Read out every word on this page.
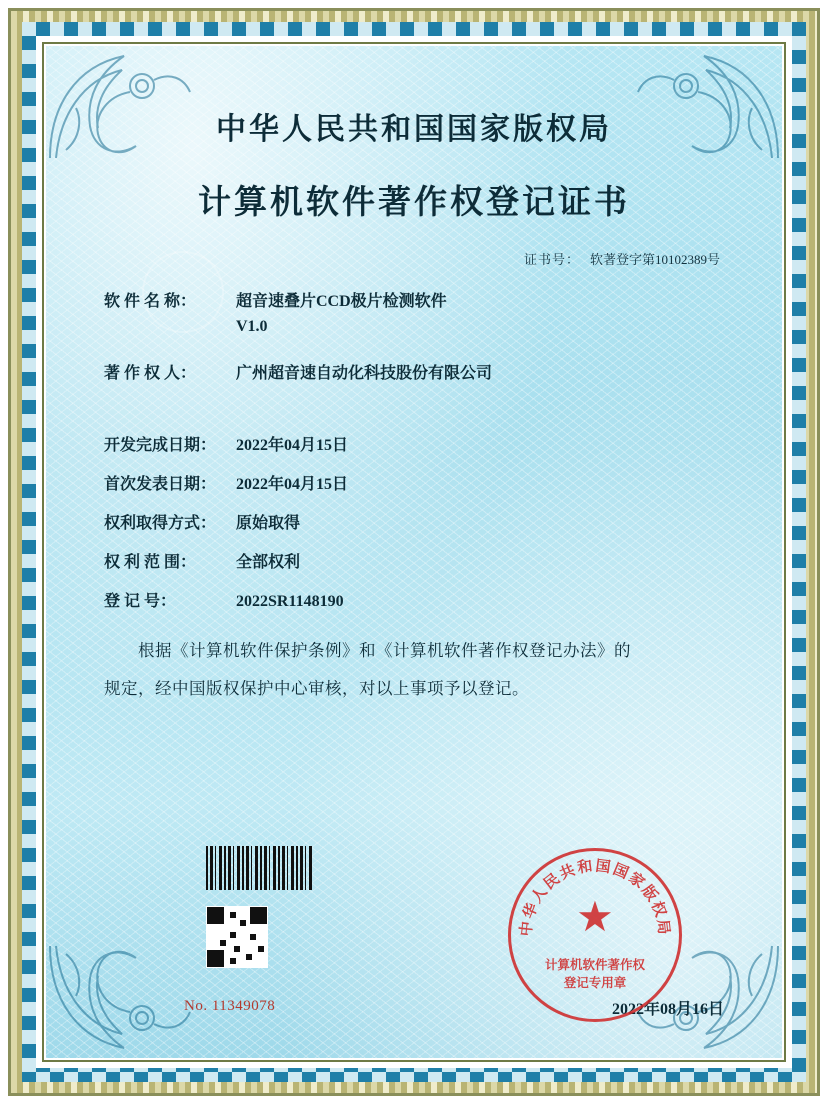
中华人民共和国国家版权局
计算机软件著作权登记证书
证书号： 软著登字第10102389号
软 件 名 称：	超音速叠片CCD极片检测软件
V1.0
著 作 权 人：	广州超音速自动化科技股份有限公司
开发完成日期：	2022年04月15日
首次发表日期：	2022年04月15日
权利取得方式：	原始取得
权 利 范 围：	全部权利
登 记 号：	2022SR1148190
根据《计算机软件保护条例》和《计算机软件著作权登记办法》的
规定，经中国版权保护中心审核，对以上事项予以登记。
No. 11349078	2022年08月16日
★
中华人民共和国国家版权局
计算机软件著作权
登记专用章
